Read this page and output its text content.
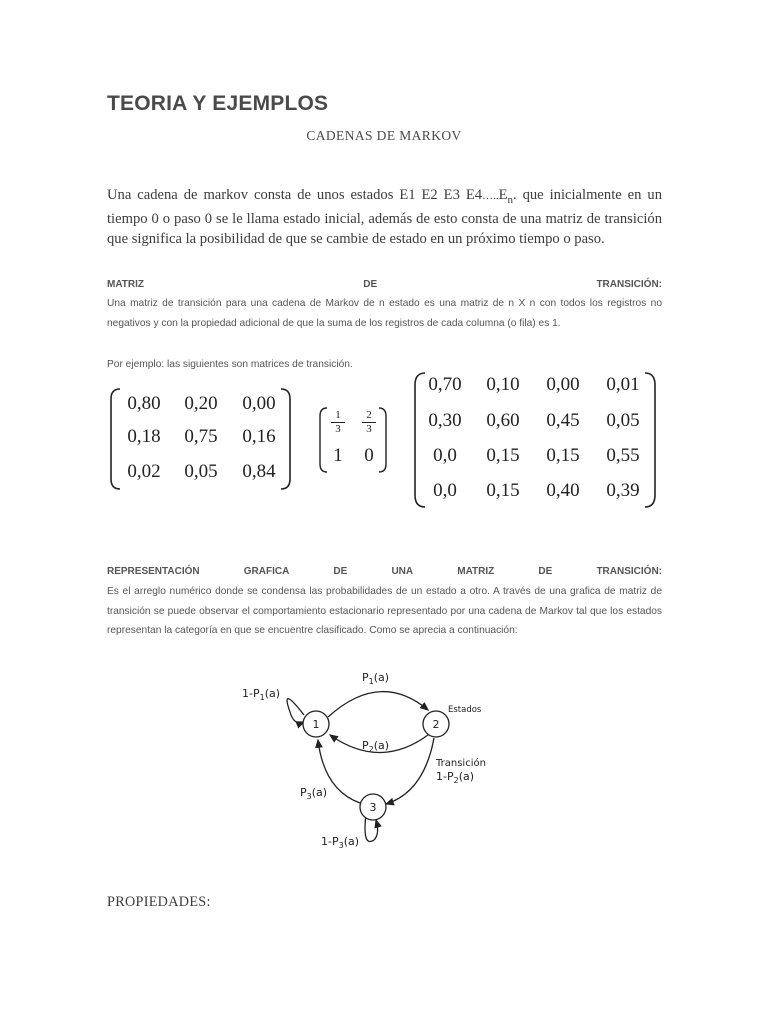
TEORIA Y EJEMPLOS
CADENAS DE MARKOV
Una cadena de markov consta de unos estados E1 E2 E3 $E4\dots..E_n$. que inicialmente en un tiempo 0 o paso 0 se le llama estado inicial, además de esto consta de una matriz de transición que significa la posibilidad de que se cambie de estado en un próximo tiempo o paso.
MATRIZ	DE	TRANSICIÓN:
Una matriz de transición para una cadena de Markov de n estado es una matriz de n X n con todos los registros no negativos y con la propiedad adicional de que la suma de los registros de cada columna (o fila) es 1.
Por ejemplo: las siguientes son matrices de transición.
0,80	0,20	0,00
0,18	0,75	0,16
0,02	0,05	0,84
$\frac{1}{3} \frac{2}{3}$
1	0
0,70	0,10	0,00	0,01
0,30	0,60	0,45	0,05
0,0	0,15	0,15	0,55
0,0	0,15	0,40	0,39
REPRESENTACIÓN	GRAFICA	DE	UNA	MATRIZ	DE	TRANSICIÓN:
Es el arreglo numérico donde se condensa las probabilidades de un estado a otro. A través de una grafica de matriz de transición se puede observar el comportamiento estacionario representado por una cadena de Markov tal que los estados representan la categoría en que se encuentre clasificado. Como se aprecia a continuación:
1	2
3
$1-P_1(a)$
$P_1(a)$
Estados
$P_2(a)$
Transición
$1-P_2(a)$
$P_3(a)$
$1-P_3(a)$
PROPIEDADES:
